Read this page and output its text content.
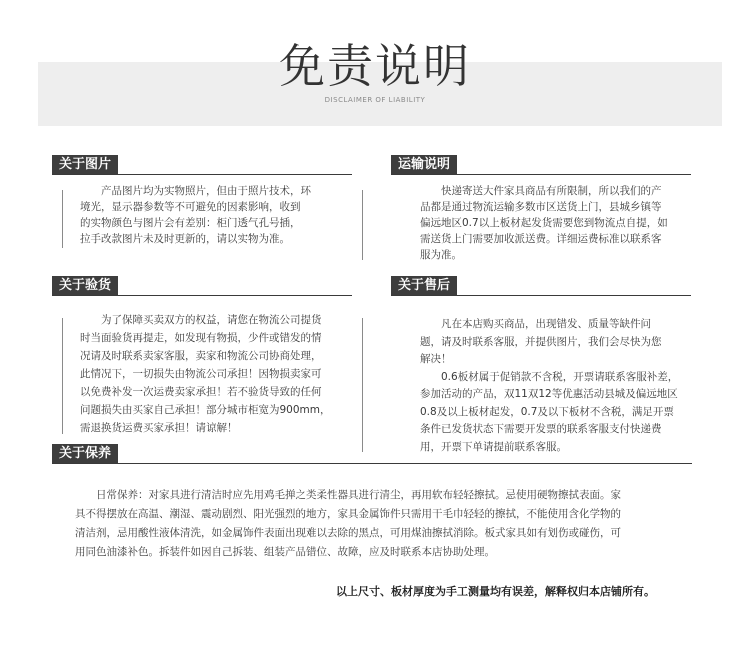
免责说明
DISCLAIMER OF LIABILITY
关于图片
产品图片均为实物照片，但由于照片技术，环
境光，显示器参数等不可避免的因素影响，收到
的实物颜色与图片会有差别：柜门透气孔号插，
拉手改款图片未及时更新的，请以实物为准。
运输说明
快递寄送大件家具商品有所限制，所以我们的产
品都是通过物流运输多数市区送货上门，县城乡镇等
偏远地区0.7以上板材起发货需要您到物流点自提，如
需送货上门需要加收派送费。详细运费标准以联系客
服为准。
关于验货
为了保障买卖双方的权益，请您在物流公司提货
时当面验货再提走，如发现有物损，少件或错发的情
况请及时联系卖家客服，卖家和物流公司协商处理，
此情况下，一切损失由物流公司承担！因物损卖家可
以免费补发一次运费卖家承担！若不验货导致的任何
问题损失由买家自己承担！部分城市柜宽为900mm，
需退换货运费买家承担！请谅解！
关于售后
凡在本店购买商品，出现错发、质量等缺件问
题，请及时联系客服，并提供图片，我们会尽快为您
解决！
0.6板材属于促销款不含税，开票请联系客服补差，
参加活动的产品，双11双12等优惠活动县城及偏远地区
0.8及以上板材起发，0.7及以下板材不含税，满足开票
条件已发货状态下需要开发票的联系客服支付快递费
用，开票下单请提前联系客服。
关于保养
日常保养：对家具进行清洁时应先用鸡毛掸之类柔性器具进行清尘，再用软布轻轻擦拭。忌使用硬物擦拭表面。家
具不得摆放在高温、潮湿、震动剧烈、阳光强烈的地方，家具金属饰件只需用干毛巾轻轻的擦拭，不能使用含化学物的
清洁剂，忌用酸性液体清洗，如金属饰件表面出现难以去除的黑点，可用煤油擦拭消除。板式家具如有划伤或碰伤，可
用同色油漆补色。拆装件如因自己拆装、组装产品错位、故障，应及时联系本店协助处理。
以上尺寸、板材厚度为手工测量均有误差，解释权归本店铺所有。
